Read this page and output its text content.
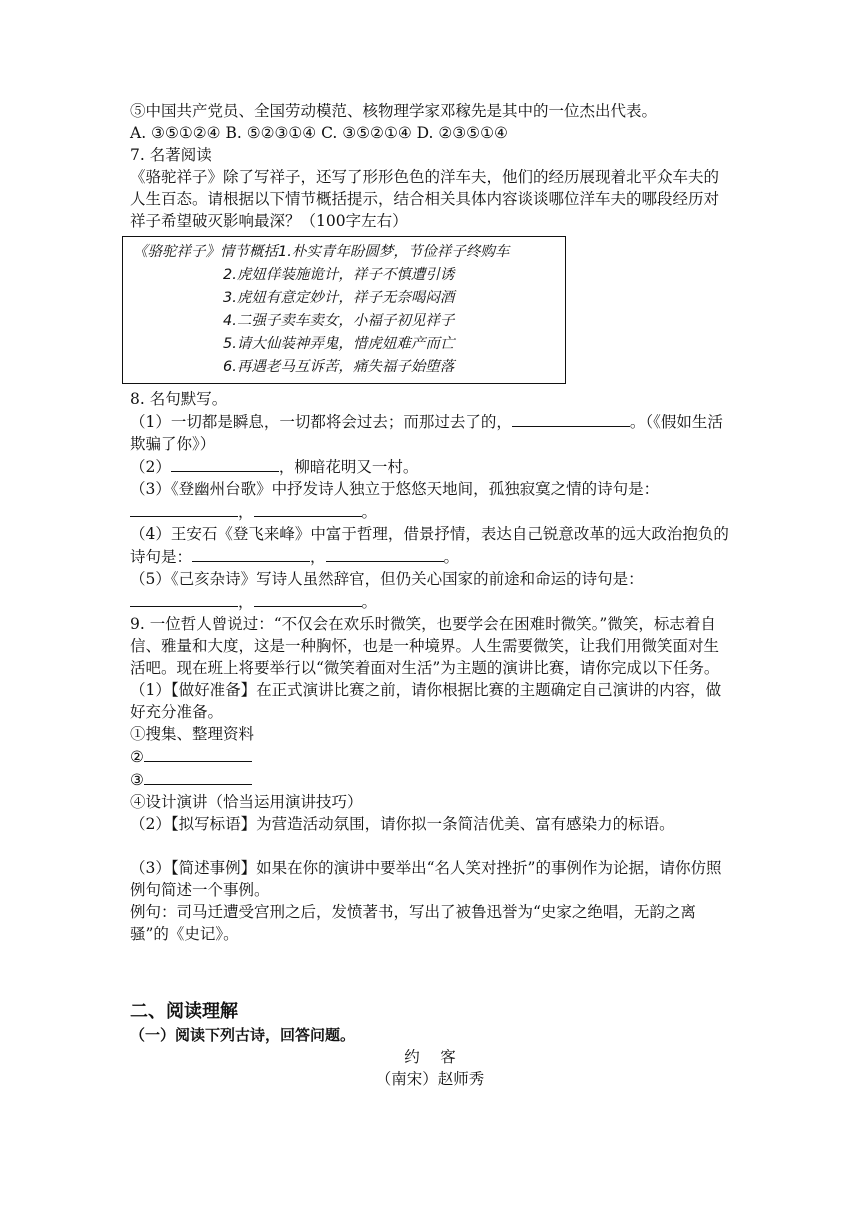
⑤中国共产党员、全国劳动模范、核物理学家邓稼先是其中的一位杰出代表。
A. ③⑤①②④ B. ⑤②③①④ C. ③⑤②①④ D. ②③⑤①④
7. 名著阅读
《骆驼祥子》除了写祥子，还写了形形色色的洋车夫，他们的经历展现着北平众车夫的人生百态。请根据以下情节概括提示，结合相关具体内容谈谈哪位洋车夫的哪段经历对祥子希望破灭影响最深？（100字左右）
《骆驼祥子》情节概括1.朴实青年盼圆梦，节俭祥子终购车
2.虎妞佯装施诡计，祥子不慎遭引诱
3.虎妞有意定妙计，祥子无奈喝闷酒
4.二强子卖车卖女，小福子初见祥子
5.请大仙装神弄鬼，惜虎妞难产而亡
6.再遇老马互诉苦，痛失福子始堕落
8. 名句默写。
（1）一切都是瞬息，一切都将会过去；而那过去了的，	。（《假如生活欺骗了你》）
（2）	，柳暗花明又一村。
（3）《登幽州台歌》中抒发诗人独立于悠悠天地间，孤独寂寞之情的诗句是：
，	。
（4）王安石《登飞来峰》中富于哲理，借景抒情，表达自己锐意改革的远大政治抱负的诗句是：	，	。
（5）《己亥杂诗》写诗人虽然辞官，但仍关心国家的前途和命运的诗句是：
，	。
9. 一位哲人曾说过：“不仅会在欢乐时微笑，也要学会在困难时微笑。”微笑，标志着自信、雅量和大度，这是一种胸怀，也是一种境界。人生需要微笑，让我们用微笑面对生活吧。现在班上将要举行以“微笑着面对生活”为主题的演讲比赛，请你完成以下任务。
（1）【做好准备】在正式演讲比赛之前，请你根据比赛的主题确定自己演讲的内容，做好充分准备。
①搜集、整理资料
②
③
④设计演讲（恰当运用演讲技巧）
（2）【拟写标语】为营造活动氛围，请你拟一条简洁优美、富有感染力的标语。
（3）【简述事例】如果在你的演讲中要举出“名人笑对挫折”的事例作为论据，请你仿照例句简述一个事例。
例句：司马迁遭受宫刑之后，发愤著书，写出了被鲁迅誉为“史家之绝唱，无韵之离骚”的《史记》。
二、阅读理解
（一）阅读下列古诗，回答问题。
约　 客
（南宋）赵师秀
